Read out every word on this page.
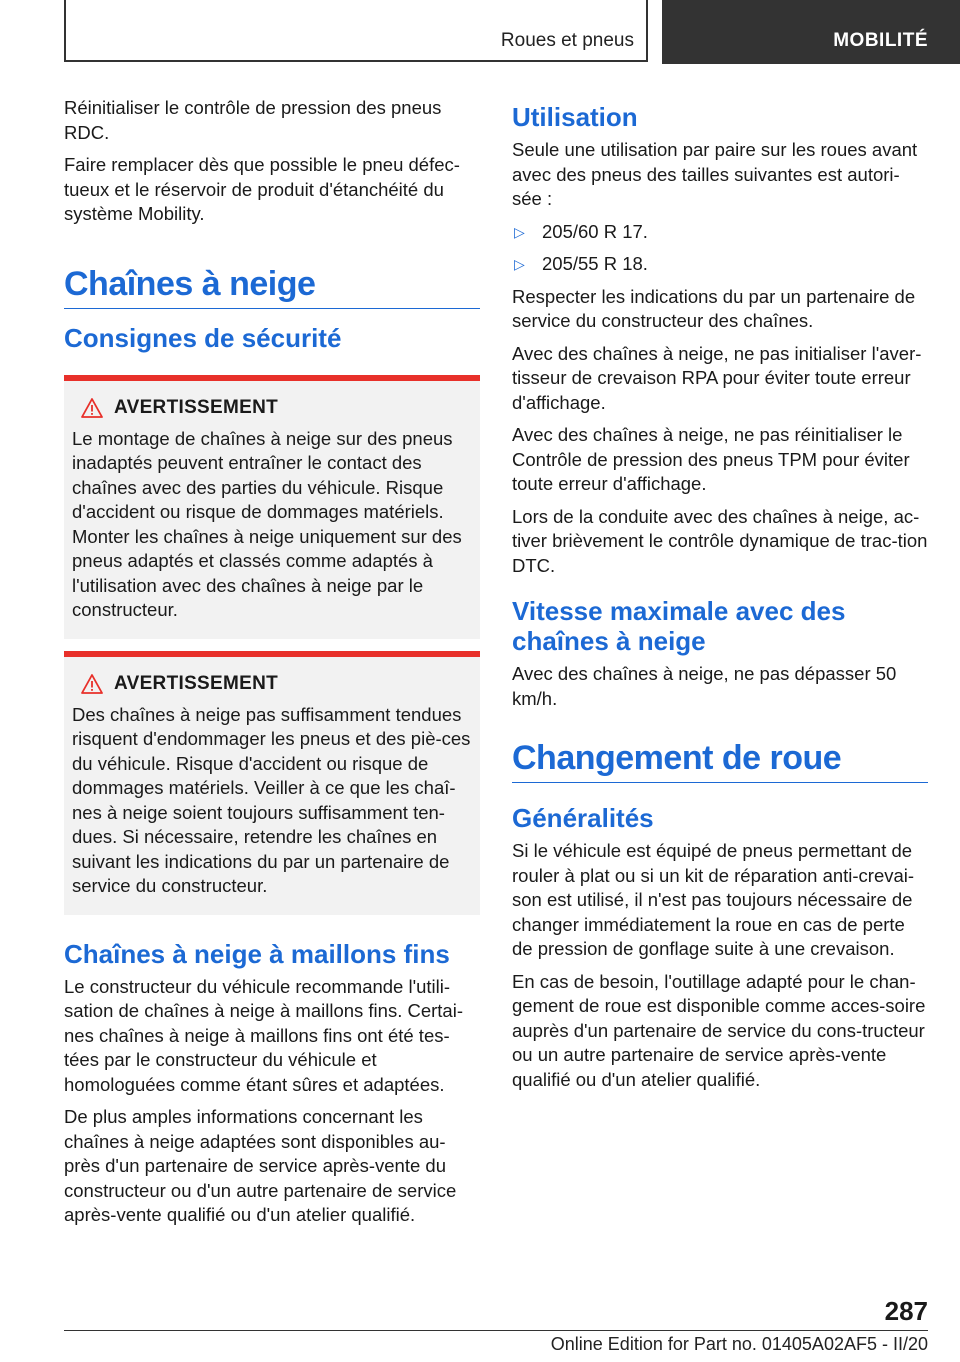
Roues et pneus	MOBILITÉ

Réinitialiser le contrôle de pression des pneus RDC.

Faire remplacer dès que possible le pneu défec-tueux et le réservoir de produit d'étanchéité du système Mobility.

Chaînes à neige
Consignes de sécurité
AVERTISSEMENT

Le montage de chaînes à neige sur des pneus inadaptés peuvent entraîner le contact des chaînes avec des parties du véhicule. Risque d'accident ou risque de dommages matériels. Monter les chaînes à neige uniquement sur des pneus adaptés et classés comme adaptés à l'utilisation avec des chaînes à neige par le constructeur.

AVERTISSEMENT

Des chaînes à neige pas suffisamment tendues risquent d'endommager les pneus et des piè-ces du véhicule. Risque d'accident ou risque de dommages matériels. Veiller à ce que les chaî-nes à neige soient toujours suffisamment ten-dues. Si nécessaire, retendre les chaînes en suivant les indications du par un partenaire de service du constructeur.

Chaînes à neige à maillons fins

Le constructeur du véhicule recommande l'utili-sation de chaînes à neige à maillons fins. Certai-nes chaînes à neige à maillons fins ont été tes-tées par le constructeur du véhicule et homologuées comme étant sûres et adaptées.

De plus amples informations concernant les chaînes à neige adaptées sont disponibles au-près d'un partenaire de service après-vente du constructeur ou d'un autre partenaire de service après-vente qualifié ou d'un atelier qualifié.

Utilisation

Seule une utilisation par paire sur les roues avant avec des pneus des tailles suivantes est autori-sée :

▷ 205/60 R 17.
▷ 205/55 R 18.

Respecter les indications du par un partenaire de service du constructeur des chaînes.

Avec des chaînes à neige, ne pas initialiser l'aver-tisseur de crevaison RPA pour éviter toute erreur d'affichage.

Avec des chaînes à neige, ne pas réinitialiser le Contrôle de pression des pneus TPM pour éviter toute erreur d'affichage.

Lors de la conduite avec des chaînes à neige, ac-tiver brièvement le contrôle dynamique de trac-tion DTC.

Vitesse maximale avec des chaînes à neige

Avec des chaînes à neige, ne pas dépasser 50 km/h.

Changement de roue
Généralités

Si le véhicule est équipé de pneus permettant de rouler à plat ou si un kit de réparation anti-crevai-son est utilisé, il n'est pas toujours nécessaire de changer immédiatement la roue en cas de perte de pression de gonflage suite à une crevaison.

En cas de besoin, l'outillage adapté pour le chan-gement de roue est disponible comme acces-soire auprès d'un partenaire de service du cons-tructeur ou un autre partenaire de service après-vente qualifié ou d'un atelier qualifié.

287
Online Edition for Part no. 01405A02AF5 - II/20
